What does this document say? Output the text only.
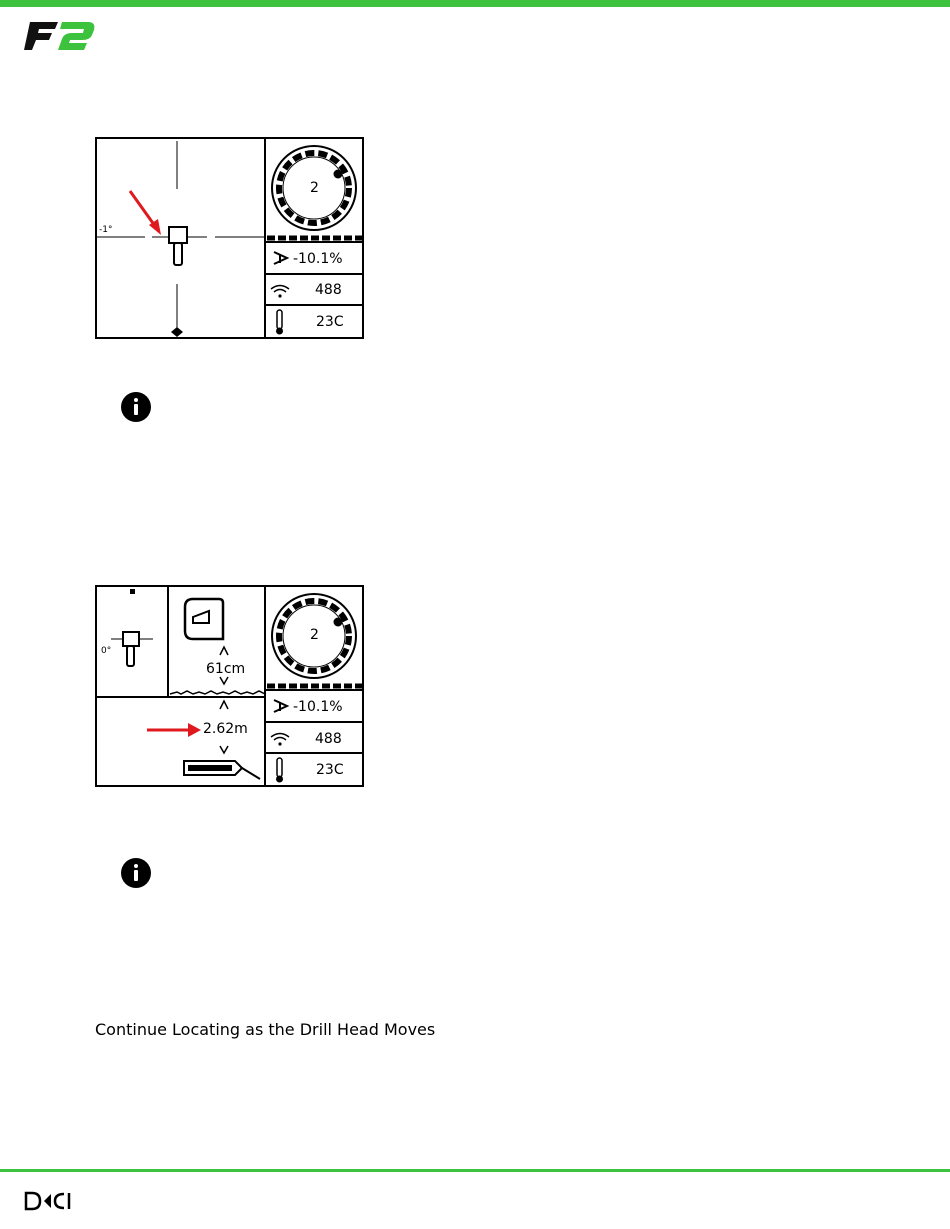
-1°
2
-10.1%
488
23C
0°
61cm
2.62m
2
-10.1%
488
23C
Continue Locating as the Drill Head Moves
